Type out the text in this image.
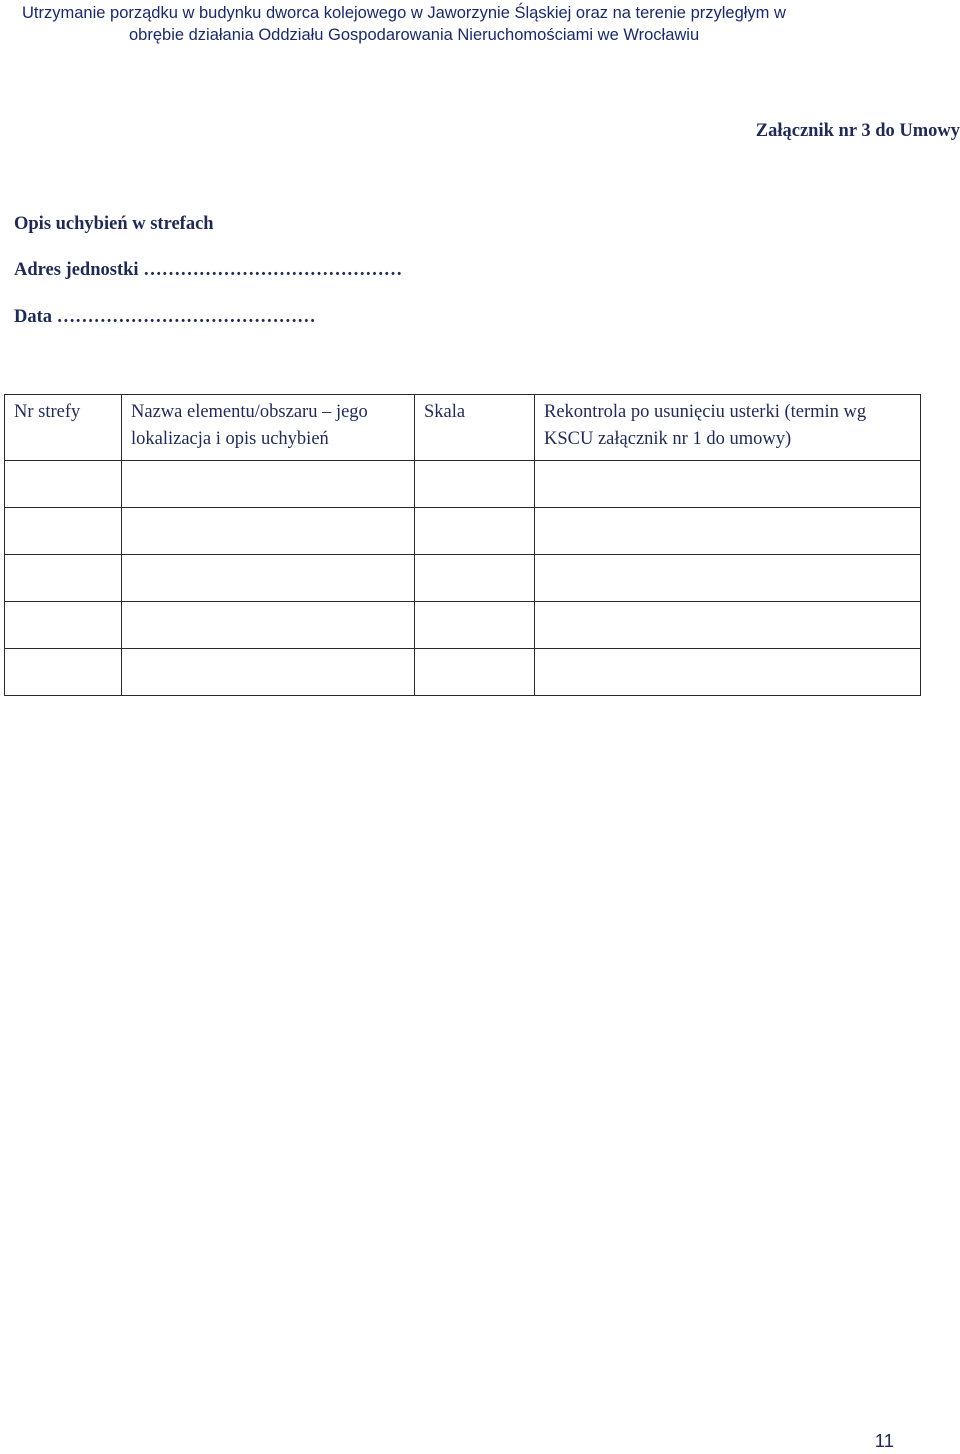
Utrzymanie porządku w budynku dworca kolejowego w Jaworzynie Śląskiej oraz na terenie przyległym w
obrębie działania Oddziału Gospodarowania Nieruchomościami we Wrocławiu
Załącznik nr 3 do Umowy
Opis uchybień w strefach
Adres jednostki ……………………………………
Data ……………………………………
Nr strefy	Nazwa elementu/obszaru – jego lokalizacja i opis uchybień	Skala	Rekontrola po usunięciu usterki (termin wg KSCU załącznik nr 1 do umowy)

11
